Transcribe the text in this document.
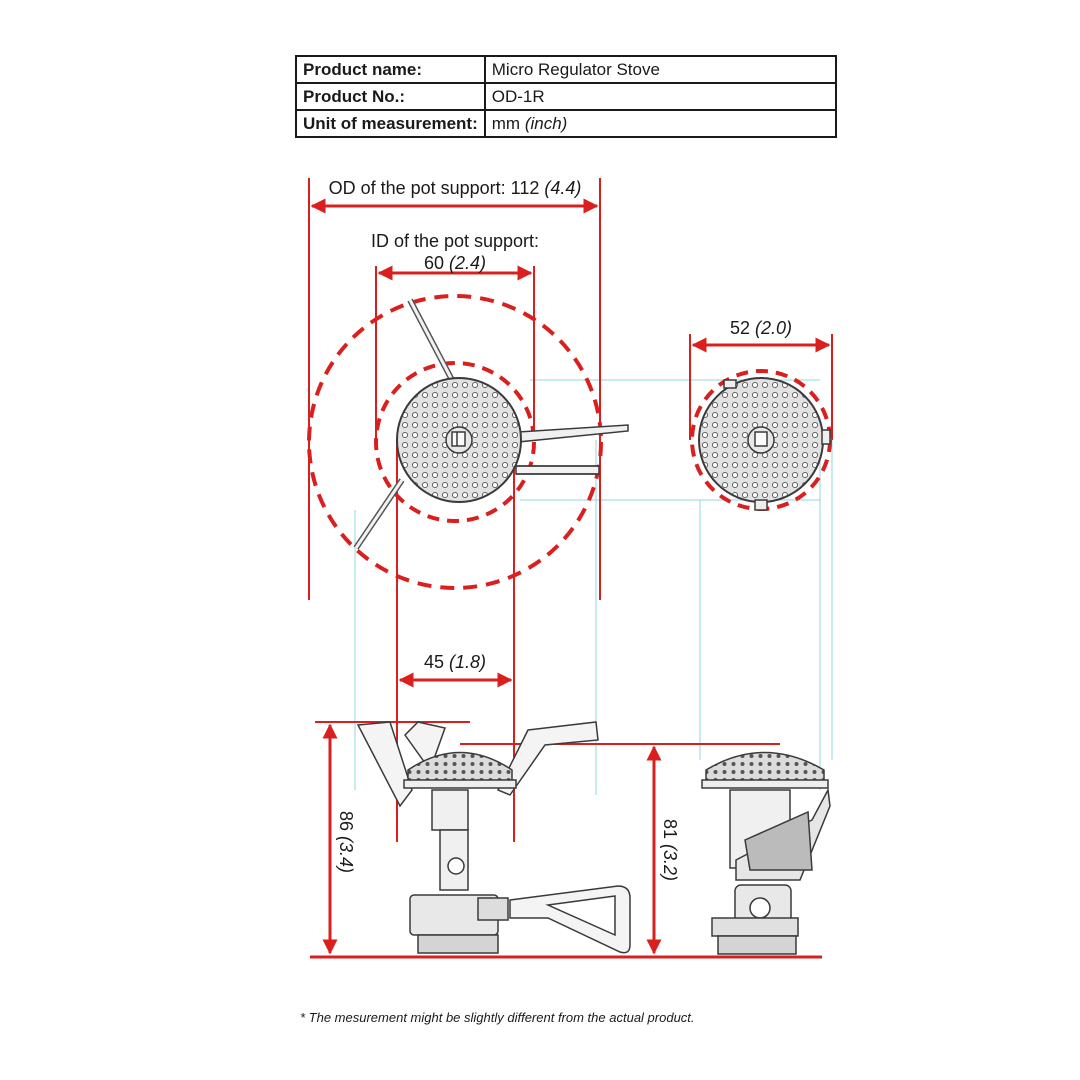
Product name:	Micro Regulator Stove
Product No.:	OD-1R
Unit of measurement:	mm (inch)
OD of the pot support: 112 (4.4)
ID of the pot support:
60 (2.4)
52 (2.0)
45 (1.8)
86 (3.4)
81 (3.2)
* The mesurement might be slightly different from the actual product.
